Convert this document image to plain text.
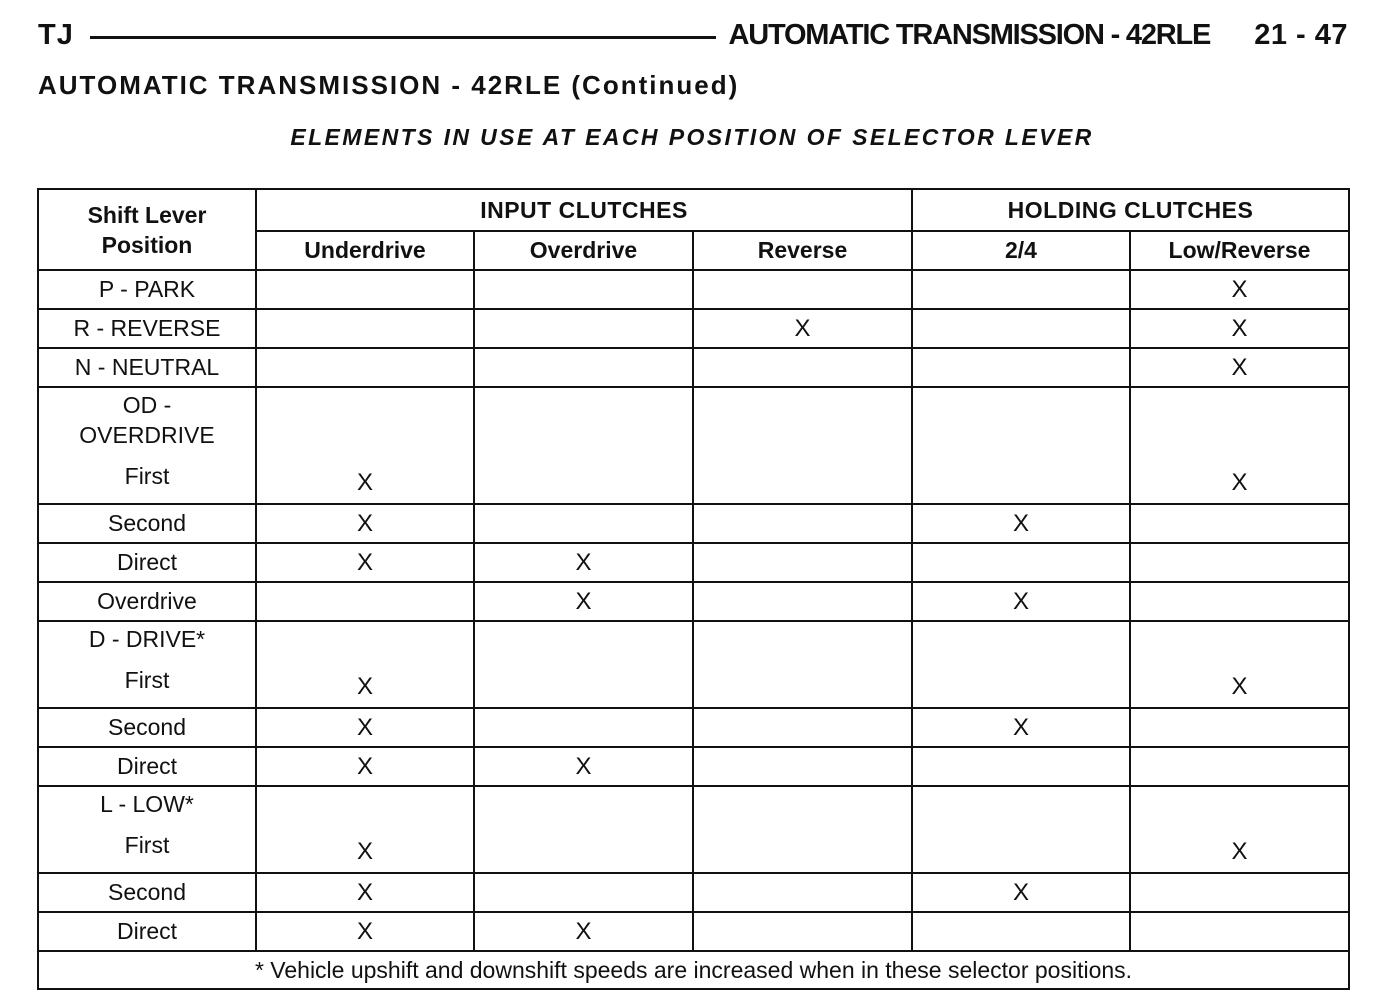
TJ	AUTOMATIC TRANSMISSION - 42RLE 21 - 47
AUTOMATIC TRANSMISSION - 42RLE (Continued)
ELEMENTS IN USE AT EACH POSITION OF SELECTOR LEVER
Shift Lever
Position	INPUT CLUTCHES			HOLDING CLUTCHES	
	Underdrive	Overdrive	Reverse	2/4	Low/Reverse
P - PARK					X
R - REVERSE			X		X
N - NEUTRAL					X

OD -
OVERDRIVE
First	X				X
Second	X			X	
Direct	X	X			
Overdrive		X		X	

D - DRIVE*
First	X				X
Second	X			X	
Direct	X	X			

L - LOW*
First	X				X
Second	X			X	
Direct	X	X			
* Vehicle upshift and downshift speeds are increased when in these selector positions.					
